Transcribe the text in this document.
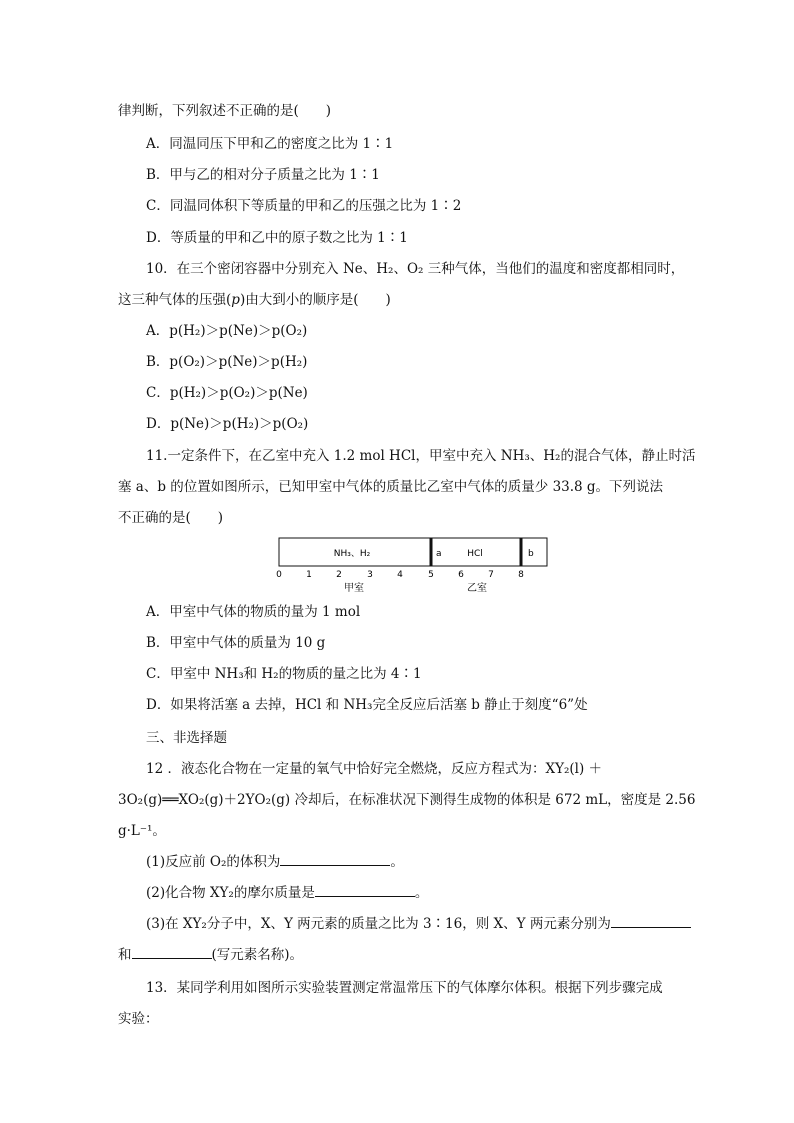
律判断，下列叙述不正确的是(　　)
A．同温同压下甲和乙的密度之比为 1∶1
B．甲与乙的相对分子质量之比为 1∶1
C．同温同体积下等质量的甲和乙的压强之比为 1∶2
D．等质量的甲和乙中的原子数之比为 1∶1
10．在三个密闭容器中分别充入 Ne、H₂、O₂ 三种气体，当他们的温度和密度都相同时，
这三种气体的压强(p)由大到小的顺序是(　　)
A．p(H₂)＞p(Ne)＞p(O₂)
B．p(O₂)＞p(Ne)＞p(H₂)
C．p(H₂)＞p(O₂)＞p(Ne)
D．p(Ne)＞p(H₂)＞p(O₂)
11.一定条件下，在乙室中充入 1.2 mol HCl，甲室中充入 NH₃、H₂的混合气体，静止时活
塞 a、b 的位置如图所示，已知甲室中气体的质量比乙室中气体的质量少 33.8 g。下列说法
不正确的是(　　)
NH₃、H₂	a	HCl	b
0	1	2	3	4	5	6	7	8
甲室	乙室
A．甲室中气体的物质的量为 1 mol
B．甲室中气体的质量为 10 g
C．甲室中 NH₃和 H₂的物质的量之比为 4∶1
D．如果将活塞 a 去掉，HCl 和 NH₃完全反应后活塞 b 静止于刻度“6”处
三、非选择题
12 ．液态化合物在一定量的氧气中恰好完全燃烧，反应方程式为：XY₂(l) ＋
3O₂(g)══XO₂(g)＋2YO₂(g) 冷却后，在标准状况下测得生成物的体积是 672 mL，密度是 2.56
g·L⁻¹。
(1)反应前 O₂的体积为	。
(2)化合物 XY₂的摩尔质量是	。
(3)在 XY₂分子中，X、Y 两元素的质量之比为 3∶16，则 X、Y 两元素分别为
和	(写元素名称)。
13．某同学利用如图所示实验装置测定常温常压下的气体摩尔体积。根据下列步骤完成
实验：
